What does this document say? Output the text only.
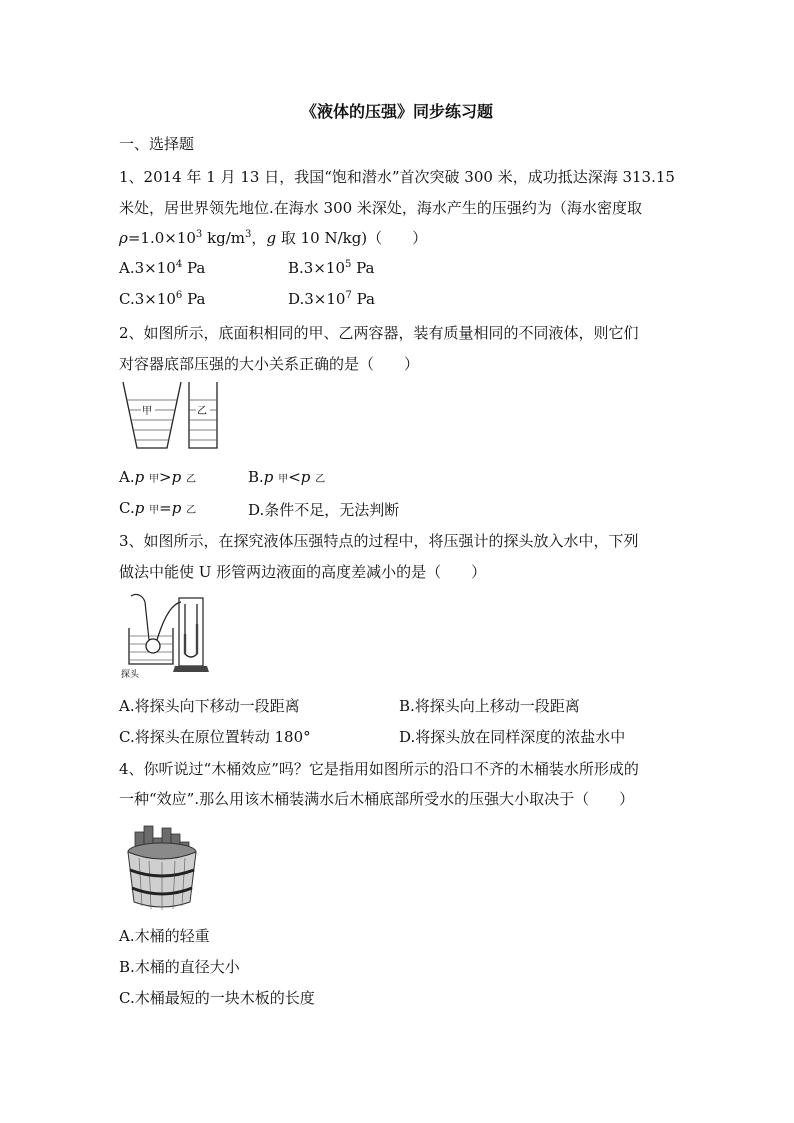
《液体的压强》同步练习题
一、选择题
1、2014 年 1 月 13 日，我国“饱和潜水”首次突破 300 米，成功抵达深海 313.15
米处，居世界领先地位.在海水 300 米深处，海水产生的压强约为（海水密度取
$\rho=1.0\times 10^3$ $kg/m^3$，g 取 10 N/kg)（　　）
$A.3\times 10^4$ Pa	$B.3\times 10^5$ Pa
$C.3\times 10^6$ Pa	$D.3\times 10^7$ Pa
2、如图所示，底面积相同的甲、乙两容器，装有质量相同的不同液体，则它们
对容器底部压强的大小关系正确的是（　　）
甲	乙
A.p 甲>p 乙	B.p 甲<p 乙
C.p 甲=p 乙	D.条件不足，无法判断
3、如图所示，在探究液体压强特点的过程中，将压强计的探头放入水中，下列
做法中能使 U 形管两边液面的高度差减小的是（　　）
探头
A.将探头向下移动一段距离	B.将探头向上移动一段距离
C.将探头在原位置转动 180°	D.将探头放在同样深度的浓盐水中
4、你听说过“木桶效应”吗？它是指用如图所示的沿口不齐的木桶装水所形成的
一种“效应”.那么用该木桶装满水后木桶底部所受水的压强大小取决于（　　）
A.木桶的轻重
B.木桶的直径大小
C.木桶最短的一块木板的长度
